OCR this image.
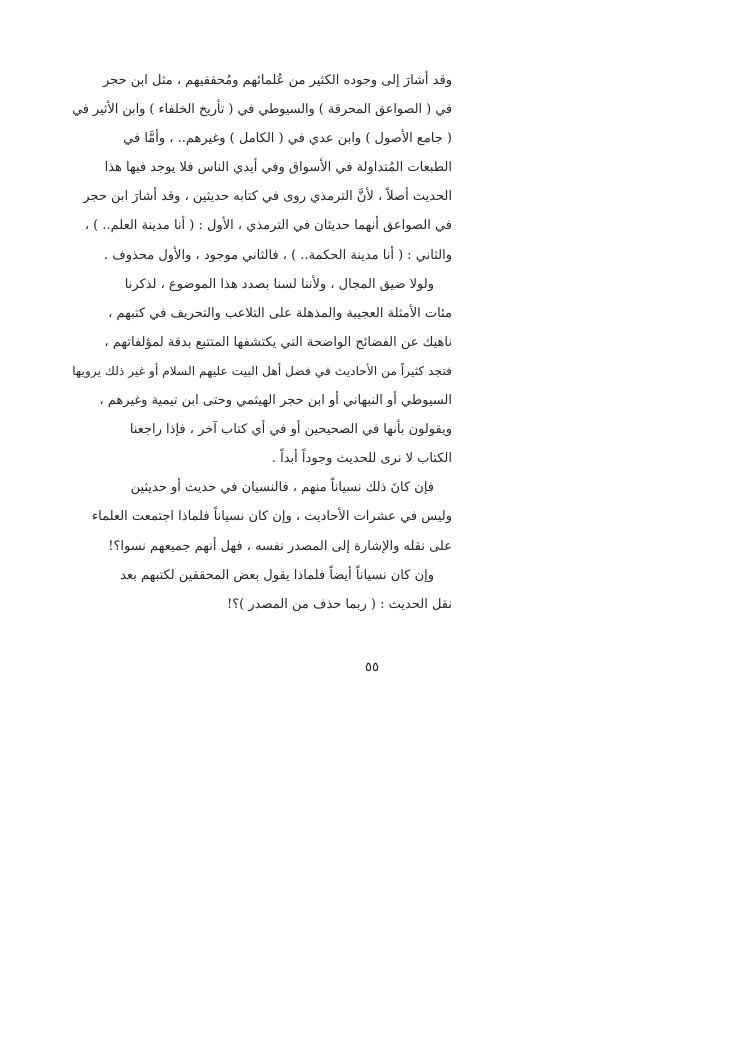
وقد أشارَ إلى وجوده الكثير من عُلمائهم ومُحققيهم ، مثل ابن حجر
في ( الصواعق المحرقة ) والسيوطي في ( تأريخ الخلفاء ) وابن الأثير في
( جامع الأصول ) وابن عدي في ( الكامل ) وغيرهم.. ، وأمَّا في
الطبعات المُتداولة في الأسواق وفي أيدي الناس فلا يوجد فيها هذا
الحديث أصلاً ، لأنَّ الترمذي روى في كتابه حديثين ، وقد أشارَ ابن حجر
في الصواعق أنهما حديثان في الترمذي ، الأول : ( أنا مدينة العلم.. ) ،
والثاني : ( أنا مدينة الحكمة.. ) ، فالثاني موجود ، والأول محذوف .
ولولا ضيق المجال ، ولأننا لسنا بصدد هذا الموضوع ، لذكرنا
مئات الأمثلة العجيبة والمذهلة على التلاعب والتحريف في كتبهم ،
ناهيك عن الفضائح الواضحة التي يكتشفها المتتبع بدقة لمؤلفاتهم ،
فتجد كثيراً من الأحاديث في فضل أهل البيت عليهم السلام أو غير ذلك يرويها
السيوطي أو النبهاني أو ابن حجر الهيثمي وحتى ابن تيمية وغيرهم ،
ويقولون بأنها في الصحيحين أو في أي كتاب آخر ، فإذا راجعنا
الكتاب لا نرى للحديث وجوداً أبداً .
فإن كانَ ذلك نسياناً منهم ، فالنسيان في حديث أو حديثين
وليس في عشرات الأحاديث ، وإن كان نسياناً فلماذا اجتمعت العلماء
على نقله والإشارة إلى المصدر نفسه ، فهل أنهم جميعهم نسوا؟!
وإن كان نسياناً أيضاً فلماذا يقول بعض المحققين لكتبهم بعد
نقل الحديث : ( ربما حذف من المصدر )؟!
٥٥
